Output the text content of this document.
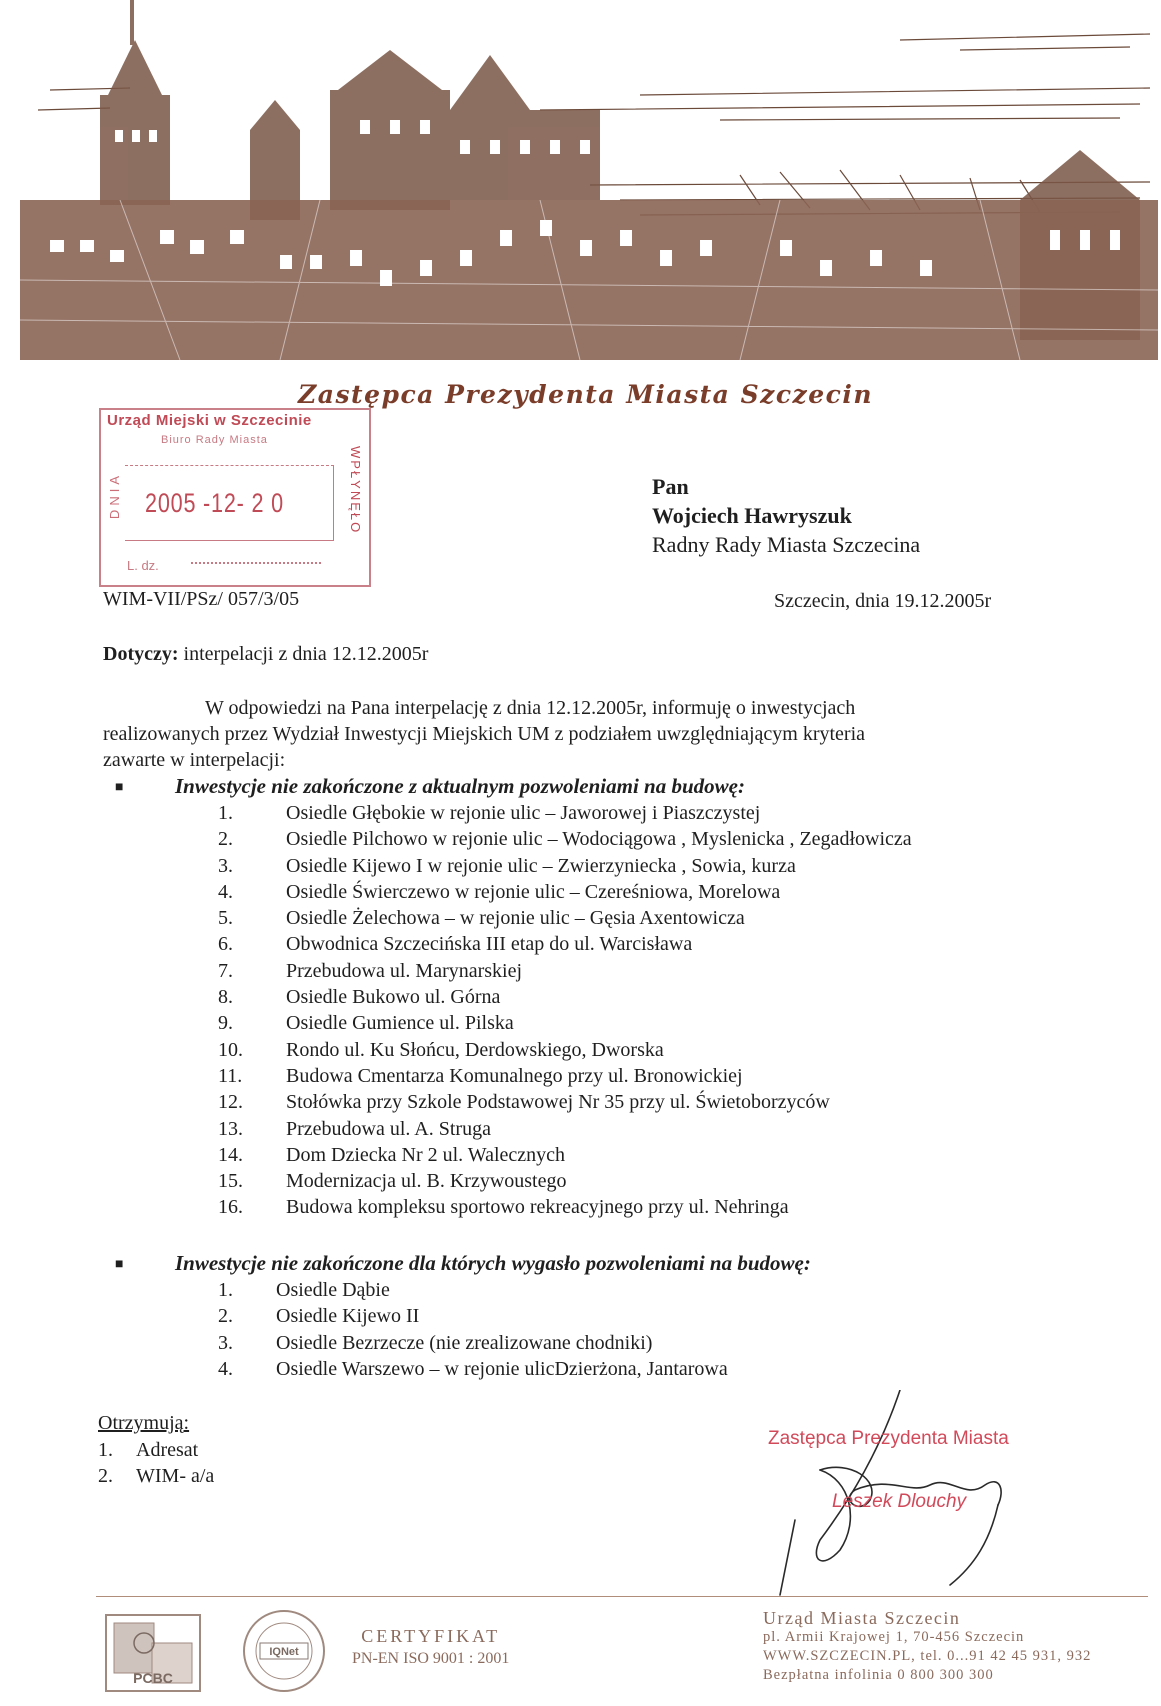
Zastępca Prezydenta Miasta Szczecin
Urząd Miejski w Szczecinie
Biuro Rady Miasta
DNIA 2005 -12- 2 0	WPŁYNĘŁO
L. dz.
Pan
Wojciech Hawryszuk
Radny Rady Miasta Szczecina
WIM-VII/PSz/ 057/3/05	Szczecin, dnia 19.12.2005r
Dotyczy: interpelacji z dnia 12.12.2005r
W odpowiedzi na Pana interpelację z dnia 12.12.2005r, informuję o inwestycjach
realizowanych przez Wydział Inwestycji Miejskich UM z podziałem uwzględniającym kryteria
zawarte w interpelacji:
■ Inwestycje nie zakończone z aktualnym pozwoleniami na budowę:
1.	Osiedle Głębokie w rejonie ulic – Jaworowej i Piaszczystej
2.	Osiedle Pilchowo w rejonie ulic – Wodociągowa , Myslenicka , Zegadłowicza
3.	Osiedle Kijewo I w rejonie ulic – Zwierzyniecka , Sowia, kurza
4.	Osiedle Świerczewo w rejonie ulic – Czereśniowa, Morelowa
5.	Osiedle Żelechowa – w rejonie ulic – Gęsia Axentowicza
6.	Obwodnica Szczecińska III etap do ul. Warcisława
7.	Przebudowa ul. Marynarskiej
8.	Osiedle Bukowo ul. Górna
9.	Osiedle Gumience ul. Pilska
10. Rondo ul. Ku Słońcu, Derdowskiego, Dworska
11. Budowa Cmentarza Komunalnego przy ul. Bronowickiej
12. Stołówka przy Szkole Podstawowej Nr 35 przy ul. Świetoborzyców
13. Przebudowa ul. A. Struga
14. Dom Dziecka Nr 2 ul. Walecznych
15. Modernizacja ul. B. Krzywoustego
16. Budowa kompleksu sportowo rekreacyjnego przy ul. Nehringa
■ Inwestycje nie zakończone dla których wygasło pozwoleniami na budowę:
1. Osiedle Dąbie
2. Osiedle Kijewo II
3. Osiedle Bezrzecze (nie zrealizowane chodniki)
4. Osiedle Warszewo – w rejonie ulicDzierżona, Jantarowa
Otrzymują:
1. Adresat
2. WIM- a/a
Zastępca Prezydenta Miasta
Leszek Dlouchy
PCBC
IQNet
CERTYFIKAT
PN-EN ISO 9001 : 2001
Urząd Miasta Szczecin
pl. Armii Krajowej 1, 70-456 Szczecin
WWW.SZCZECIN.PL, tel. 0...91 42 45 931, 932
Bezpłatna infolinia 0 800 300 300
